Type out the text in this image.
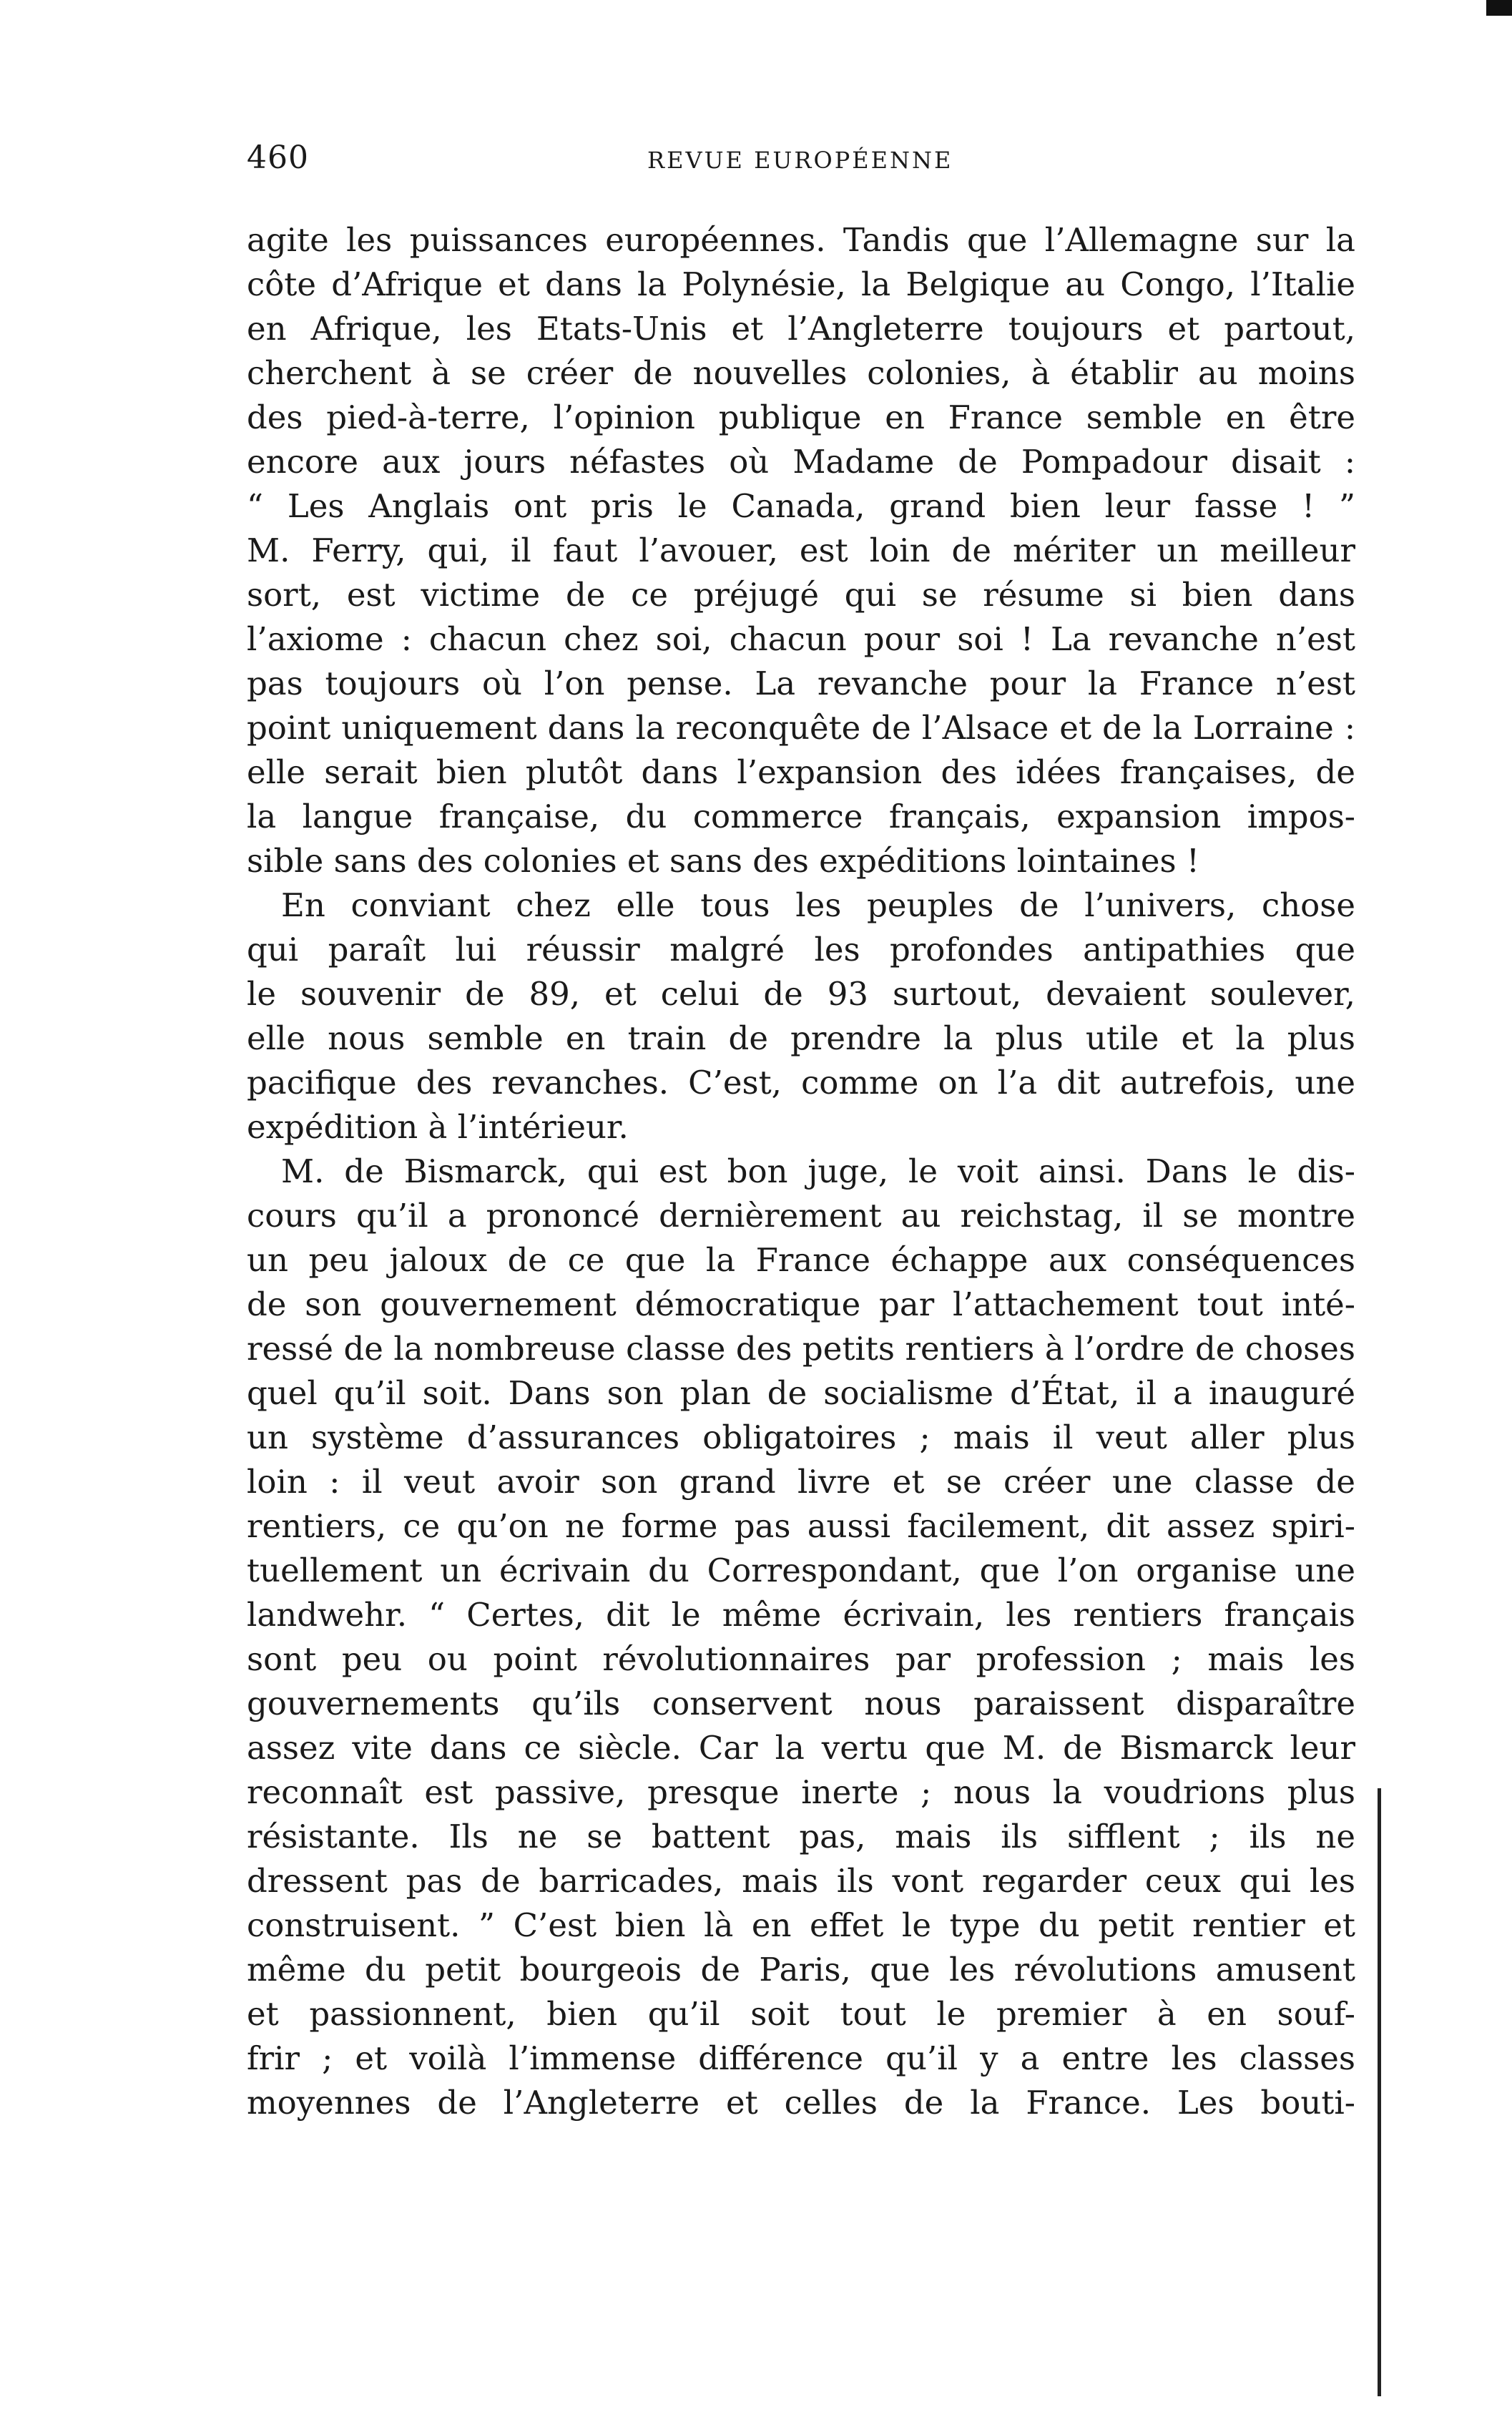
460	REVUE EUROPÉENNE
agite les puissances européennes. Tandis que l’Allemagne sur la
côte d’Afrique et dans la Polynésie, la Belgique au Congo, l’Italie
en Afrique, les Etats-Unis et l’Angleterre toujours et partout,
cherchent à se créer de nouvelles colonies, à établir au moins
des pied-à-terre, l’opinion publique en France semble en être
encore aux jours néfastes où Madame de Pompadour disait :
“ Les Anglais ont pris le Canada, grand bien leur fasse ! ”
M. Ferry, qui, il faut l’avouer, est loin de mériter un meilleur
sort, est victime de ce préjugé qui se résume si bien dans
l’axiome : chacun chez soi, chacun pour soi ! La revanche n’est
pas toujours où l’on pense. La revanche pour la France n’est
point uniquement dans la reconquête de l’Alsace et de la Lorraine :
elle serait bien plutôt dans l’expansion des idées françaises, de
la langue française, du commerce français, expansion impos-
sible sans des colonies et sans des expéditions lointaines !
En conviant chez elle tous les peuples de l’univers, chose
qui paraît lui réussir malgré les profondes antipathies que
le souvenir de 89, et celui de 93 surtout, devaient soulever,
elle nous semble en train de prendre la plus utile et la plus
pacifique des revanches. C’est, comme on l’a dit autrefois, une
expédition à l’intérieur.
M. de Bismarck, qui est bon juge, le voit ainsi. Dans le dis-
cours qu’il a prononcé dernièrement au reichstag, il se montre
un peu jaloux de ce que la France échappe aux conséquences
de son gouvernement démocratique par l’attachement tout inté-
ressé de la nombreuse classe des petits rentiers à l’ordre de choses
quel qu’il soit. Dans son plan de socialisme d’État, il a inauguré
un système d’assurances obligatoires ; mais il veut aller plus
loin : il veut avoir son grand livre et se créer une classe de
rentiers, ce qu’on ne forme pas aussi facilement, dit assez spiri-
tuellement un écrivain du Correspondant, que l’on organise une
landwehr. “ Certes, dit le même écrivain, les rentiers français
sont peu ou point révolutionnaires par profession ; mais les
gouvernements qu’ils conservent nous paraissent disparaître
assez vite dans ce siècle. Car la vertu que M. de Bismarck leur
reconnaît est passive, presque inerte ; nous la voudrions plus
résistante. Ils ne se battent pas, mais ils sifflent ; ils ne
dressent pas de barricades, mais ils vont regarder ceux qui les
construisent. ” C’est bien là en effet le type du petit rentier et
même du petit bourgeois de Paris, que les révolutions amusent
et passionnent, bien qu’il soit tout le premier à en souf-
frir ; et voilà l’immense différence qu’il y a entre les classes
moyennes de l’Angleterre et celles de la France. Les bouti-
